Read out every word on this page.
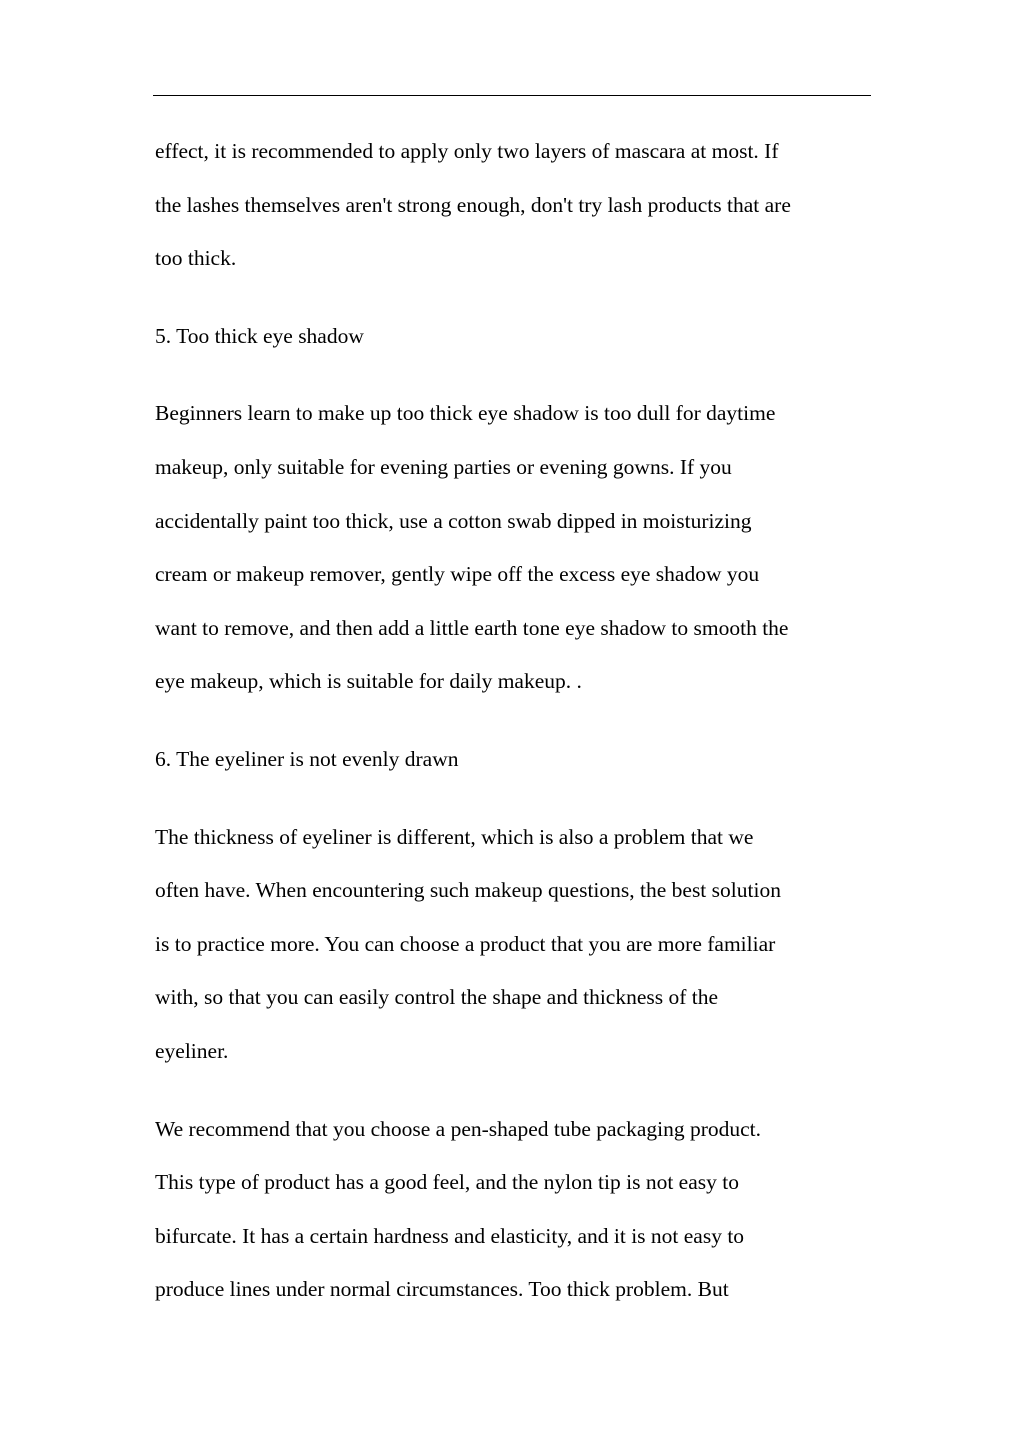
effect, it is recommended to apply only two layers of mascara at most. If
the lashes themselves aren't strong enough, don't try lash products that are
too thick.

5. Too thick eye shadow

Beginners learn to make up too thick eye shadow is too dull for daytime
makeup, only suitable for evening parties or evening gowns. If you
accidentally paint too thick, use a cotton swab dipped in moisturizing
cream or makeup remover, gently wipe off the excess eye shadow you
want to remove, and then add a little earth tone eye shadow to smooth the
eye makeup, which is suitable for daily makeup. .

6. The eyeliner is not evenly drawn

The thickness of eyeliner is different, which is also a problem that we
often have. When encountering such makeup questions, the best solution
is to practice more. You can choose a product that you are more familiar
with, so that you can easily control the shape and thickness of the
eyeliner.

We recommend that you choose a pen-shaped tube packaging product.
This type of product has a good feel, and the nylon tip is not easy to
bifurcate. It has a certain hardness and elasticity, and it is not easy to
produce lines under normal circumstances. Too thick problem. But
